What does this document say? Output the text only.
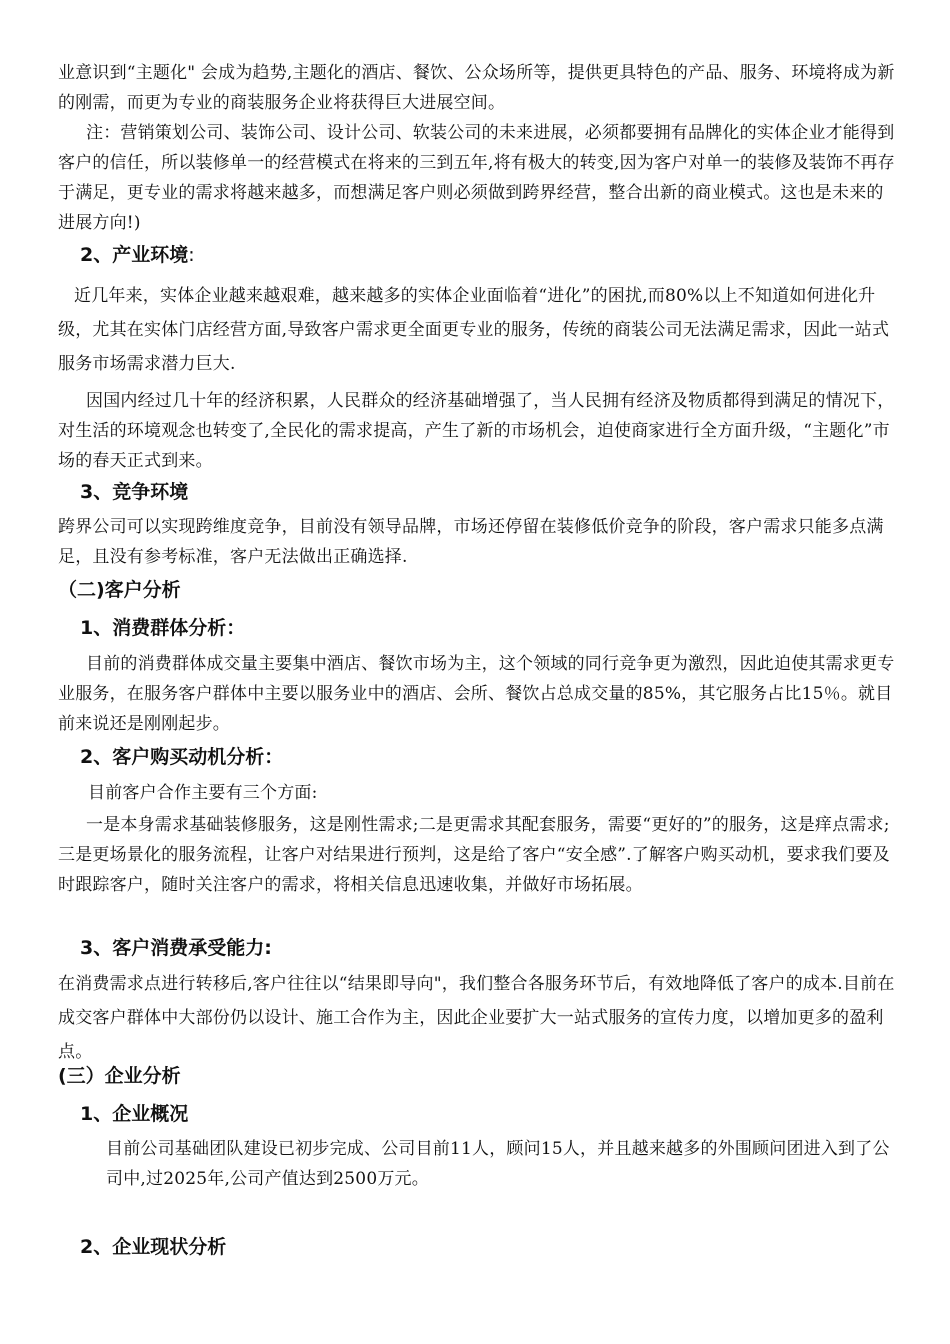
业意识到“主题化" 会成为趋势,主题化的酒店、餐饮、公众场所等，提供更具特色的产品、服务、环境将成为新的刚需，而更为专业的商装服务企业将获得巨大进展空间。

注：营销策划公司、装饰公司、设计公司、软装公司的未来进展，必须都要拥有品牌化的实体企业才能得到客户的信任，所以装修单一的经营模式在将来的三到五年,将有极大的转变,因为客户对单一的装修及装饰不再存于满足，更专业的需求将越来越多，而想满足客户则必须做到跨界经营，整合出新的商业模式。这也是未来的进展方向!)

2、产业环境:

近几年来，实体企业越来越艰难，越来越多的实体企业面临着“进化”的困扰,而80%以上不知道如何进化升级，尤其在实体门店经营方面,导致客户需求更全面更专业的服务，传统的商装公司无法满足需求，因此一站式服务市场需求潜力巨大.

因国内经过几十年的经济积累，人民群众的经济基础增强了，当人民拥有经济及物质都得到满足的情况下，对生活的环境观念也转变了,全民化的需求提高，产生了新的市场机会，迫使商家进行全方面升级，“主题化”市场的春天正式到来。

3、竞争环境

跨界公司可以实现跨维度竞争，目前没有领导品牌，市场还停留在装修低价竞争的阶段，客户需求只能多点满足，且没有参考标准，客户无法做出正确选择.

（二)客户分析
1、消费群体分析：

目前的消费群体成交量主要集中酒店、餐饮市场为主，这个领域的同行竞争更为激烈，因此迫使其需求更专业服务，在服务客户群体中主要以服务业中的酒店、会所、餐饮占总成交量的85%，其它服务占比15％。就目前来说还是刚刚起步。

2、客户购买动机分析：

目前客户合作主要有三个方面:

一是本身需求基础装修服务，这是刚性需求;二是更需求其配套服务，需要“更好的”的服务，这是痒点需求;三是更场景化的服务流程，让客户对结果进行预判，这是给了客户“安全感”.了解客户购买动机，要求我们要及时跟踪客户，随时关注客户的需求，将相关信息迅速收集，并做好市场拓展。

3、客户消费承受能力:

在消费需求点进行转移后,客户往往以“结果即导向"，我们整合各服务环节后，有效地降低了客户的成本.目前在成交客户群体中大部份仍以设计、施工合作为主，因此企业要扩大一站式服务的宣传力度，以增加更多的盈利点。

(三）企业分析
1、企业概况

目前公司基础团队建设已初步完成、公司目前11人，顾问15人，并且越来越多的外围顾问团进入到了公司中,过2025年,公司产值达到2500万元。

2、企业现状分析
